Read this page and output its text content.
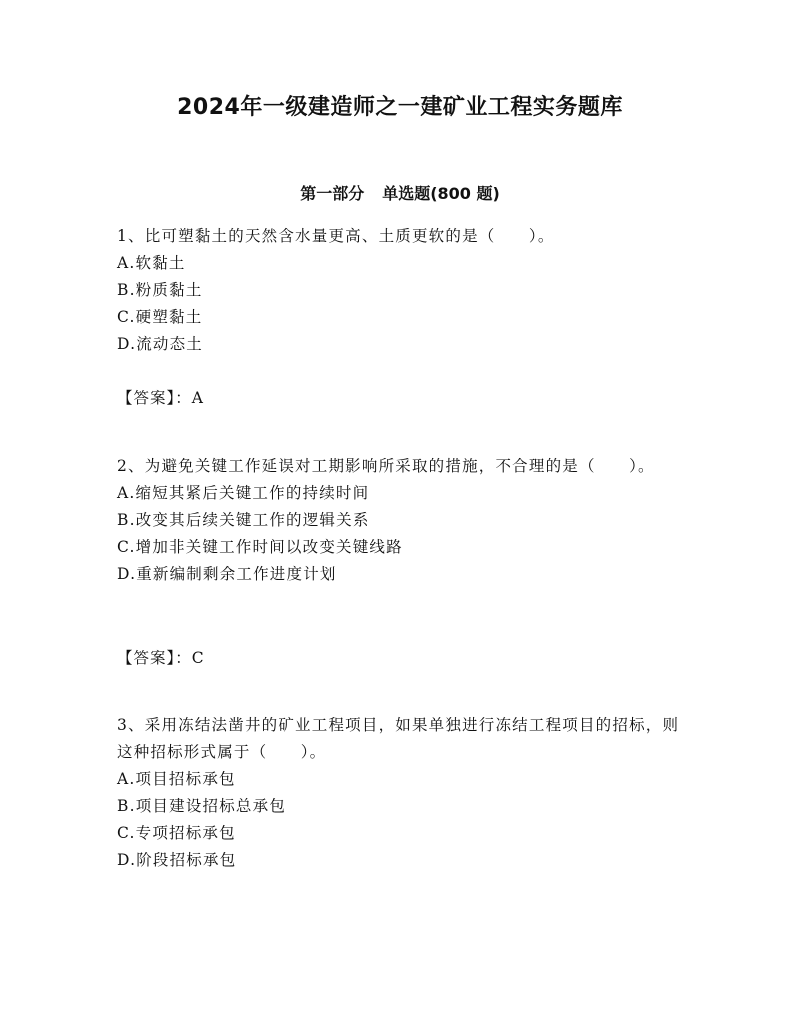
2024年一级建造师之一建矿业工程实务题库
第一部分 单选题(800 题)

1、比可塑黏土的天然含水量更高、土质更软的是（　　）。

A.软黏土

B.粉质黏土

C.硬塑黏土

D.流动态土

【答案】：A

2、为避免关键工作延误对工期影响所采取的措施，不合理的是（　　）。

A.缩短其紧后关键工作的持续时间

B.改变其后续关键工作的逻辑关系

C.增加非关键工作时间以改变关键线路

D.重新编制剩余工作进度计划

【答案】：C

3、采用冻结法凿井的矿业工程项目，如果单独进行冻结工程项目的招标，则这种招标形式属于（　　）。

A.项目招标承包

B.项目建设招标总承包

C.专项招标承包

D.阶段招标承包
